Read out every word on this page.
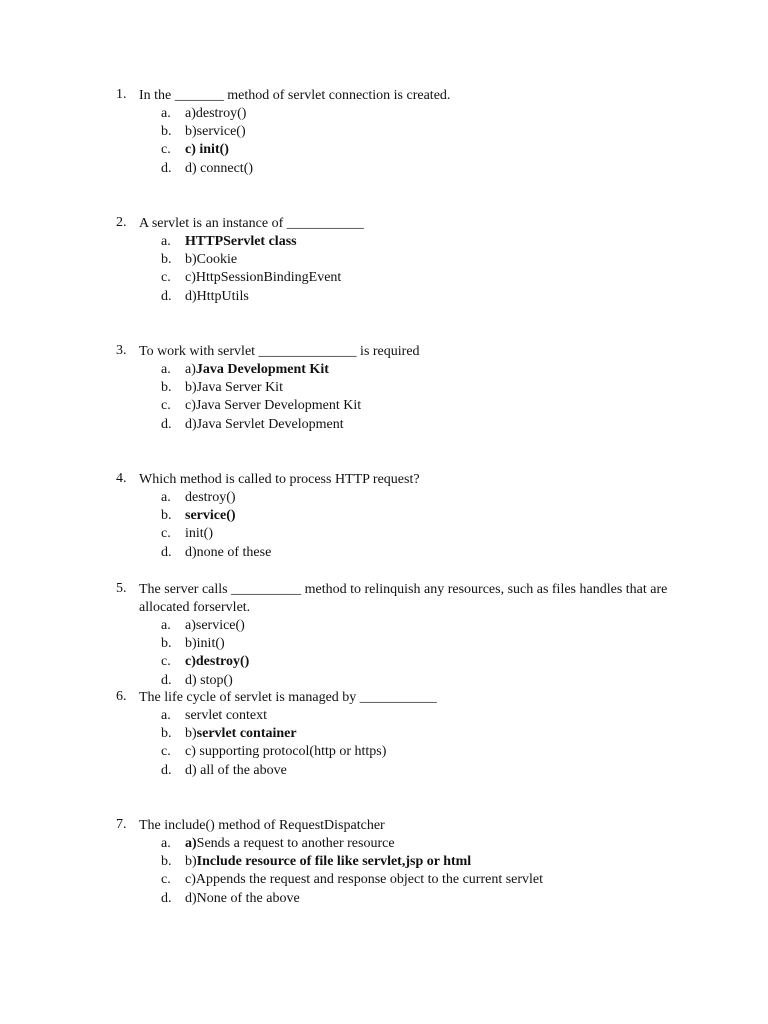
1. In the _______ method of servlet connection is created.
a.	a)destroy()
b. b)service()
c.	c) init()
d. d) connect()
2. A servlet is an instance of ___________
a.	HTTPServlet class
b. b)Cookie
c.	c)HttpSessionBindingEvent
d. d)HttpUtils
3. To work with servlet ______________ is required
a.	a)Java Development Kit
b. b)Java Server Kit
c.	c)Java Server Development Kit
d. d)Java Servlet Development
4. Which method is called to process HTTP request?
a.	destroy()
b. service()
c.	init()
d. d)none of these
5. The server calls __________ method to relinquish any resources, such as files handles that are allocated forservlet.
a.	a)service()
b. b)init()
c.	c)destroy()
d. d) stop()
6. The life cycle of servlet is managed by ___________
a.	servlet context
b. b)servlet container
c.	c) supporting protocol(http or https)
d. d) all of the above
7. The include() method of RequestDispatcher
a.	a)Sends a request to another resource
b. b)Include resource of file like servlet,jsp or html
c.	c)Appends the request and response object to the current servlet
d. d)None of the above
